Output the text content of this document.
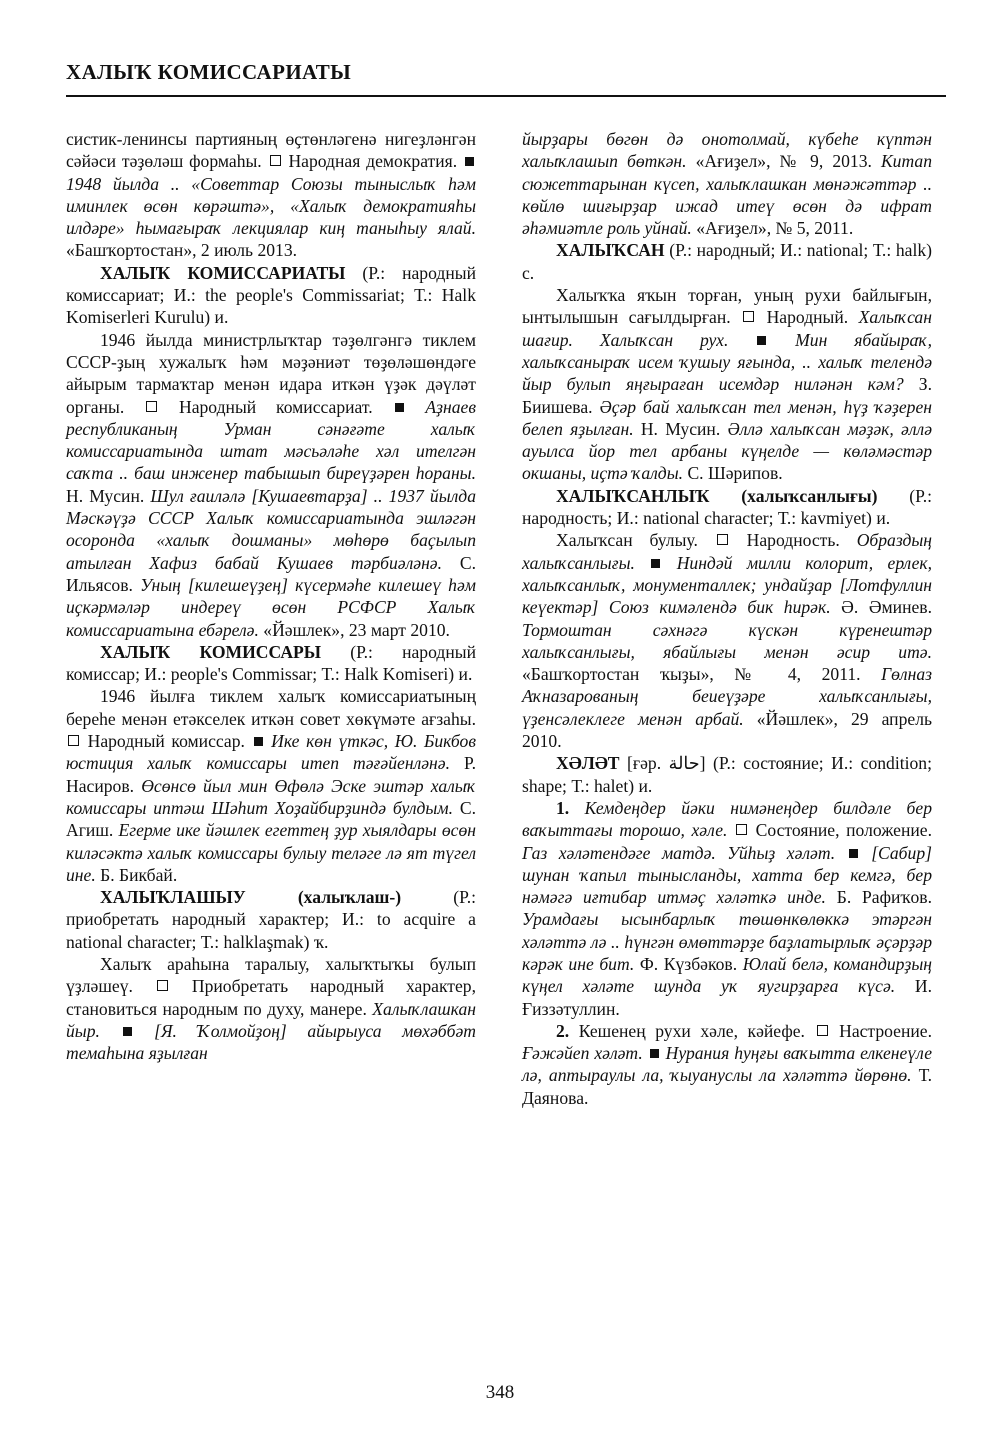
ХАЛЫҠ КОМИССАРИАТЫ

систик-ленинсы партияның өҫтөнләгенә нигеҙләнгән сәйәси тәҙөләш формаһы. Народная демократия.  1948 йылда .. «Советтар Союзы тыныслыҡ һәм иминлек өсөн көрәштә», «Халыҡ демократияһы илдәре» һымағыраҡ лекциялар киң таныһыу ялай. «Башҡортостан», 2 июль 2013.

ХАЛЫҠ КОМИССАРИАТЫ (Р.: народный комиссариат; И.: the people's Commissariat; Т.: Halk Komiserleri Kurulu) и.

1946 йылда министрлыҡтар тәҙөлгәнгә тиклем СССР-ҙың хужалыҡ һәм мәҙәниәт төҙөләшөндәге айырым тармаҡтар менән идара иткән үҙәк дәүләт органы.	Народный комиссариат.	Аҙнаев республиканың Урман сәнәғәте халыҡ комиссариатында штат мәсьәләһе хәл ителгән саҡта .. баш инженер табышып биреүҙәрен һораны. Н. Мусин. Шул ғаиләлә [Кушаевтарҙа] .. 1937 йылда Мәскәүҙә СССР Халыҡ комиссариатында эшләгән осоронда «халыҡ дошманы» мөһөрө баҫылып атылған Хафиз бабай Кушаев тәрбиәләнә. С. Ильясов. Уның [килешеүҙең] күсермәһе килешеү һәм иҫкәрмәләр индереү өсөн РСФСР Халыҡ комиссариатына ебәрелә. «Йәшлек», 23 март 2010.

ХАЛЫҠ КОМИССАРЫ (Р.: народный комиссар; И.: people's Commissar; Т.: Halk Komiseri) и.

1946 йылға тиклем халыҡ комиссариатының береһе менән етәкселек иткән совет хөкүмәте ағзаһы.  Народный комиссар. Ике көн үткәс, Ю. Бикбов юстиция халыҡ комиссары итеп тәғәйенләнә. Р. Насиров. Өсөнсө йыл мин Өфөлә Эске эштәр халыҡ комиссары иптәш Шәһит Хоҙайбирҙиндә булдым. С. Агиш. Егерме ике йәшлек егеттең ҙур хыялдары өсөн киләсәктә халыҡ комиссары булыу теләге лә ят түгел ине. Б. Бикбай.

ХАЛЫҠЛАШЫУ (халыҡлаш-)	(Р.: приобретать народный характер; И.: to acquire a national character; Т.: halklaşmak) ҡ.

Халыҡ араһына таралыу, халыҡтыҡы булып үҙләшеү.	Приобретать народный характер, становиться народным по духу, манере. Халыҡлашкан йыр.	[Я. Ҡолмойҙоң] айырыуса мөхәббәт темаһына яҙылған

йырҙары бөгөн дә онотолмай, күбеһе күптән халыҡлашып бөткән. «Ағиҙел», № 9, 2013. Китап сюжеттарынан күсеп, халыҡлашкан мөнәжәттәр .. көйлө шиғырҙар ижад итеү өсөн дә ифрат әһәмиәтле роль уйнай. «Ағиҙел», № 5, 2011.

ХАЛЫҠСАН (Р.: народный; И.: national; Т.: halk) с.

Халыҡҡа яҡын торған, уның рухи байлығын, ынтылышын сағылдырған. Народный. Халыҡсан шағир. Халыҡсан рух.	Мин ябайыраҡ, халыҡсаныраҡ исем ҡушыу яғында, .. халыҡ телендә йыр булып яңғыраған исемдәр ниләнән кәм? З. Биишева. Әҫәр бай халыҡсан тел менән, һүҙ ҡәҙерен белеп яҙылған. Н. Мусин. Әллә халыҡсан мәҙәк, әллә ауылса йор тел арбаны күңелде — көләмәстәр окшаны, иҫтә ҡалды. С. Шәрипов.

ХАЛЫҠСАНЛЫҠ (халыҡсанлығы) (Р.: народность; И.: national character; Т.: kavmiyet) и.

Халыҡсан булыу.	Народность. Образдың халыҡсанлығы. Ниндәй милли колорит, ерлек, халыҡсанлыҡ, монументаллек; ундайҙар [Лотфуллин кеүектәр] Союз кимәлендә бик һирәк. Ә. Әминев. Тормоштан сәхнәгә күскән күренештәр халыҡсанлығы, ябайлығы менән әсир итә. «Башҡортостан ҡыҙы», № 4, 2011. Гөлназ Аҡназарованың беиеүҙәре халыҡсанлығы, үҙенсәлеклеге менән арбай. «Йәшлек», 29 апрель 2010.

ХӘЛӘТ [ғәр. حالة] (Р.: состояние; И.: condition; shape; Т.: halet) и.

1. Кемдеңдер йәки нимәнеңдер билдәле бер ваҡыттағы торошо, хәле. Состояние, положение. Газ хәләтендәге матдә. Уйһыҙ хәләт. [Сабир] шунан ҡапыл тынысланды, хатта бер кемгә, бер нәмәгә иғтибар итмәҫ хәләткә инде. Б. Рафиҡов. Урамдағы ысынбарлыҡ төшөнкөлөккә этәргән хәләттә лә .. һүнгән өмөттәрҙе баҙлатырлыҡ әҫәрҙәр кәрәк ине бит. Ф. Күзбәков. Юлай белә, командирҙың күңел хәләте шунда уҡ яугирҙарға күсә. И. Ғиззәтуллин.

2. Кешенең рухи хәле, кәйефе. Настроение. Ғәжәйеп хәләт. Нурания һуңғы ваҡытта елкенеүле лә, аптыраулы ла, ҡыуанyслы ла хәләттә йөрөнө. Т. Даянова.

348
